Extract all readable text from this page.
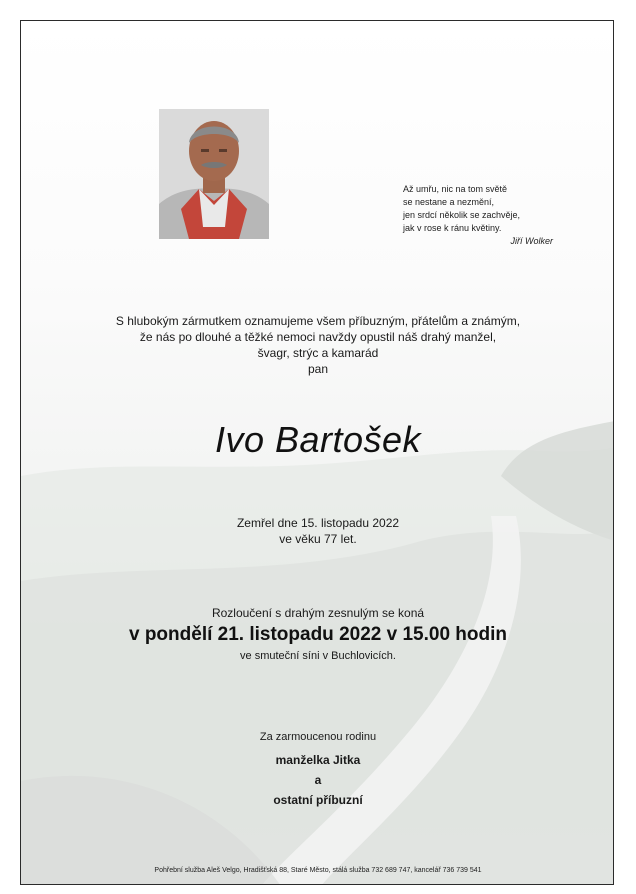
Až umřu, nic na tom světě
se nestane a nezmění,
jen srdcí několik se zachvěje,
jak v rose k ránu květiny.
Jiří Wolker
S hlubokým zármutkem oznamujeme všem příbuzným, přátelům a známým,
že nás po dlouhé a těžké nemoci navždy opustil náš drahý manžel,
švagr, strýc a kamarád
pan
Ivo Bartošek
Zemřel dne 15. listopadu 2022
ve věku 77 let.
Rozloučení s drahým zesnulým se koná
v pondělí 21. listopadu 2022 v 15.00 hodin
ve smuteční síni v Buchlovicích.
Za zarmoucenou rodinu
manželka Jitka
a
ostatní příbuzní
Pohřební služba Aleš Velgo, Hradišťská 88, Staré Město, stálá služba 732 689 747, kancelář 736 739 541
